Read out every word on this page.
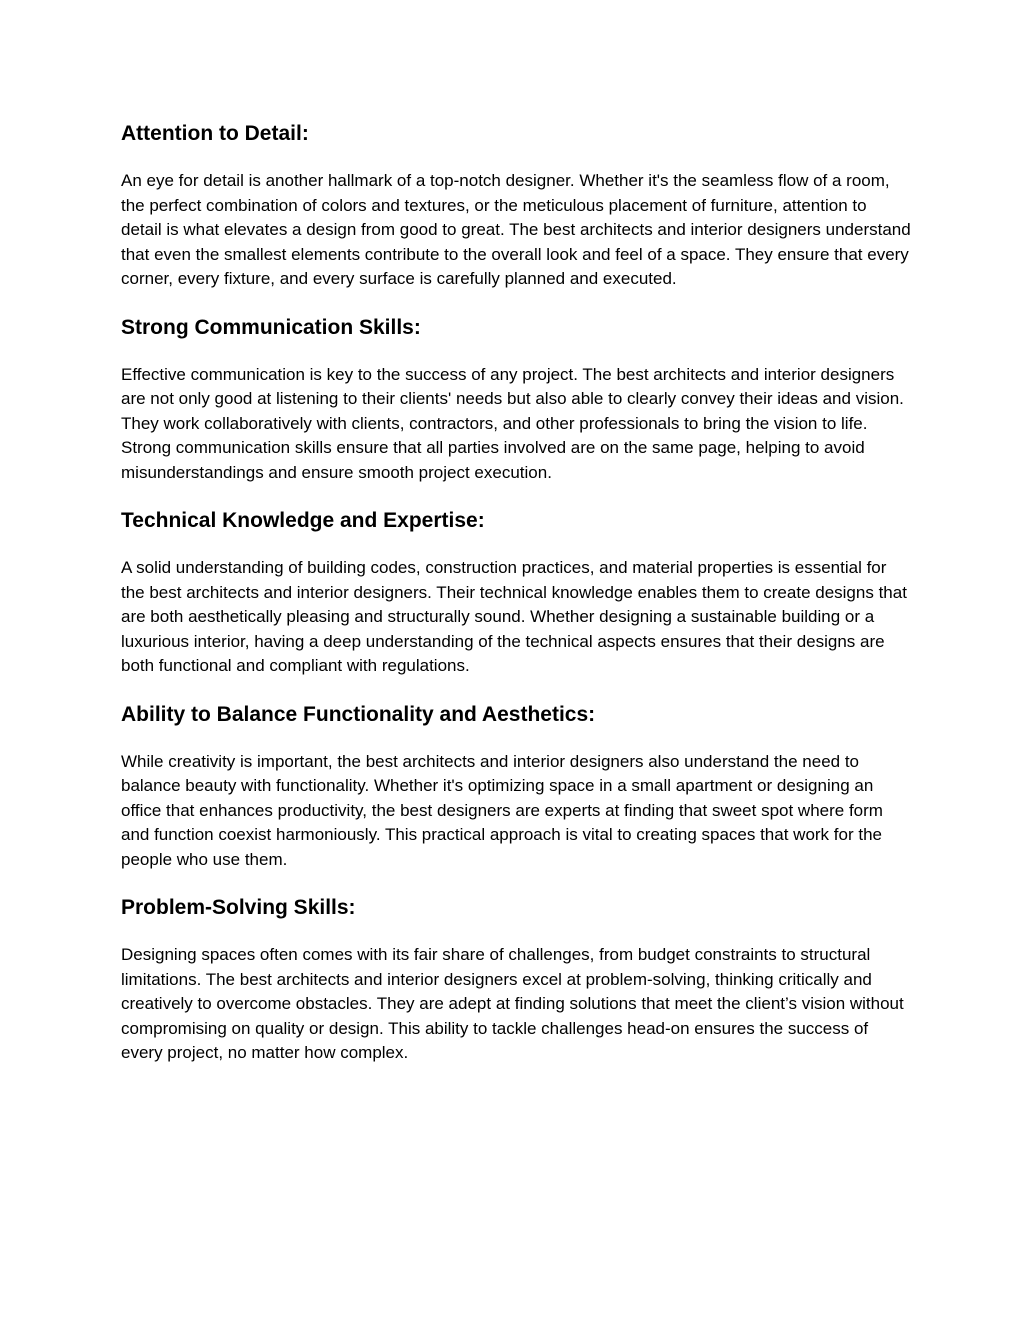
Attention to Detail:

An eye for detail is another hallmark of a top-notch designer. Whether it's the seamless flow of a room, the perfect combination of colors and textures, or the meticulous placement of furniture, attention to detail is what elevates a design from good to great. The best architects and interior designers understand that even the smallest elements contribute to the overall look and feel of a space. They ensure that every corner, every fixture, and every surface is carefully planned and executed.

Strong Communication Skills:

Effective communication is key to the success of any project. The best architects and interior designers are not only good at listening to their clients' needs but also able to clearly convey their ideas and vision. They work collaboratively with clients, contractors, and other professionals to bring the vision to life. Strong communication skills ensure that all parties involved are on the same page, helping to avoid misunderstandings and ensure smooth project execution.

Technical Knowledge and Expertise:

A solid understanding of building codes, construction practices, and material properties is essential for the best architects and interior designers. Their technical knowledge enables them to create designs that are both aesthetically pleasing and structurally sound. Whether designing a sustainable building or a luxurious interior, having a deep understanding of the technical aspects ensures that their designs are both functional and compliant with regulations.

Ability to Balance Functionality and Aesthetics:

While creativity is important, the best architects and interior designers also understand the need to balance beauty with functionality. Whether it's optimizing space in a small apartment or designing an office that enhances productivity, the best designers are experts at finding that sweet spot where form and function coexist harmoniously. This practical approach is vital to creating spaces that work for the people who use them.

Problem-Solving Skills:

Designing spaces often comes with its fair share of challenges, from budget constraints to structural limitations. The best architects and interior designers excel at problem-solving, thinking critically and creatively to overcome obstacles. They are adept at finding solutions that meet the client’s vision without compromising on quality or design. This ability to tackle challenges head-on ensures the success of every project, no matter how complex.
